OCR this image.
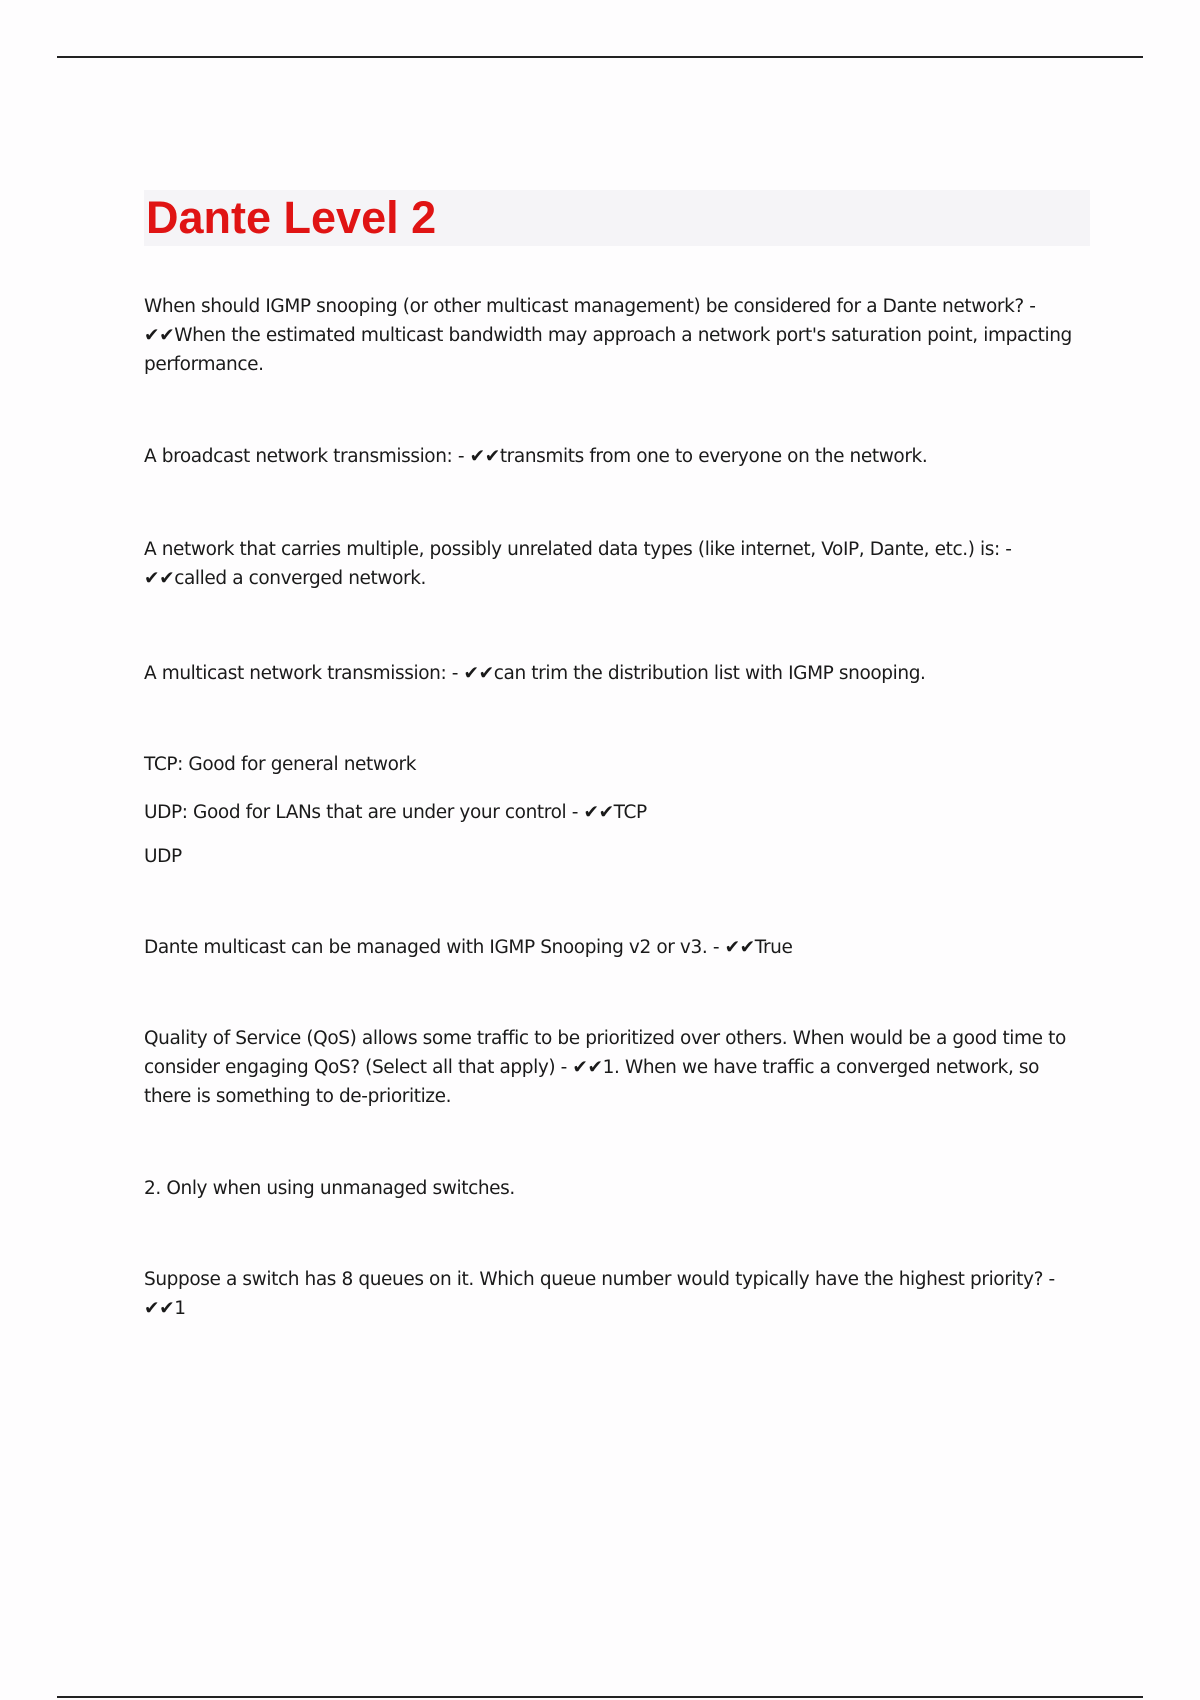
Dante Level 2

When should IGMP snooping (or other multicast management) be considered for a Dante network? - ✔✔When the estimated multicast bandwidth may approach a network port's saturation point, impacting performance.

A broadcast network transmission: - ✔✔transmits from one to everyone on the network.

A network that carries multiple, possibly unrelated data types (like internet, VoIP, Dante, etc.) is: - ✔✔called a converged network.

A multicast network transmission: - ✔✔can trim the distribution list with IGMP snooping.

TCP: Good for general network

UDP: Good for LANs that are under your control - ✔✔TCP

UDP

Dante multicast can be managed with IGMP Snooping v2 or v3. - ✔✔True

Quality of Service (QoS) allows some traffic to be prioritized over others. When would be a good time to consider engaging QoS? (Select all that apply) - ✔✔1. When we have traffic a converged network, so there is something to de-prioritize.

2. Only when using unmanaged switches.

Suppose a switch has 8 queues on it. Which queue number would typically have the highest priority? - ✔✔1
